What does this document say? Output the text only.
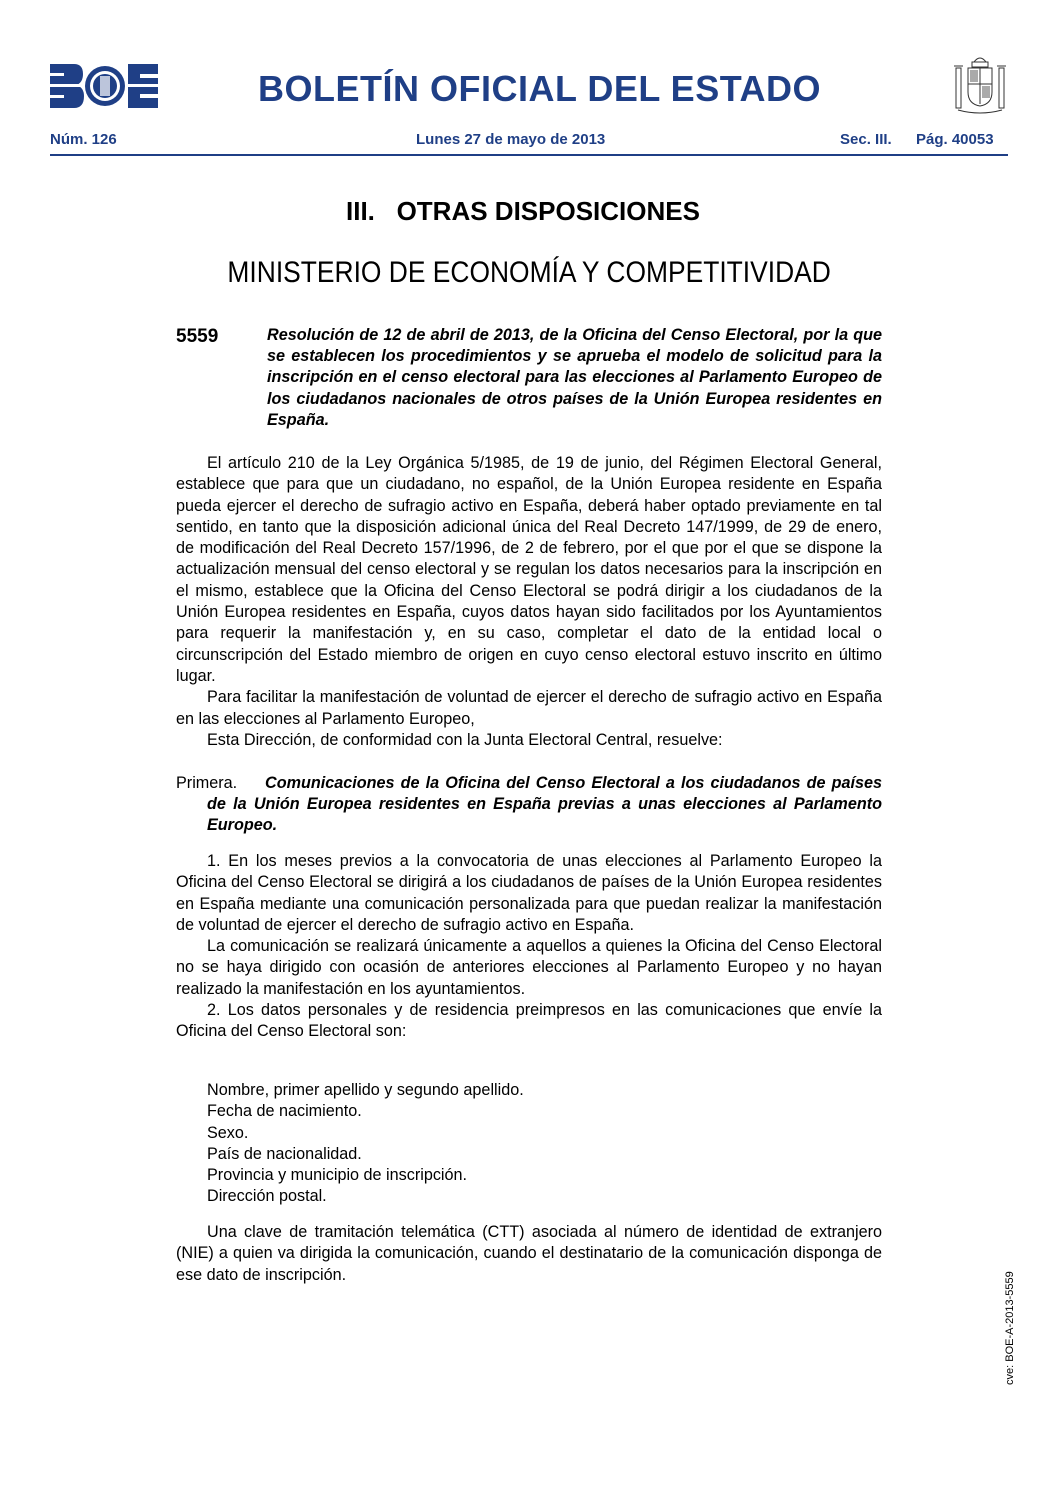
BOLETÍN OFICIAL DEL ESTADO
Núm. 126	Lunes 27 de mayo de 2013	Sec. III. Pág. 40053
III.   OTRAS DISPOSICIONES
MINISTERIO DE ECONOMÍA Y COMPETITIVIDAD
5559	Resolución de 12 de abril de 2013, de la Oficina del Censo Electoral, por la que se establecen los procedimientos y se aprueba el modelo de solicitud para la inscripción en el censo electoral para las elecciones al Parlamento Europeo de los ciudadanos nacionales de otros países de la Unión Europea residentes en España.

El artículo 210 de la Ley Orgánica 5/1985, de 19 de junio, del Régimen Electoral General, establece que para que un ciudadano, no español, de la Unión Europea residente en España pueda ejercer el derecho de sufragio activo en España, deberá haber optado previamente en tal sentido, en tanto que la disposición adicional única del Real Decreto 147/1999, de 29 de enero, de modificación del Real Decreto 157/1996, de 2 de febrero, por el que por el que se dispone la actualización mensual del censo electoral y se regulan los datos necesarios para la inscripción en el mismo, establece que la Oficina del Censo Electoral se podrá dirigir a los ciudadanos de la Unión Europea residentes en España, cuyos datos hayan sido facilitados por los Ayuntamientos para requerir la manifestación y, en su caso, completar el dato de la entidad local o circunscripción del Estado miembro de origen en cuyo censo electoral estuvo inscrito en último lugar.

Para facilitar la manifestación de voluntad de ejercer el derecho de sufragio activo en España en las elecciones al Parlamento Europeo,

Esta Dirección, de conformidad con la Junta Electoral Central, resuelve:

Primera.	Comunicaciones de la Oficina del Censo Electoral a los ciudadanos de países de la Unión Europea residentes en España previas a unas elecciones al Parlamento Europeo.

1. En los meses previos a la convocatoria de unas elecciones al Parlamento Europeo la Oficina del Censo Electoral se dirigirá a los ciudadanos de países de la Unión Europea residentes en España mediante una comunicación personalizada para que puedan realizar la manifestación de voluntad de ejercer el derecho de sufragio activo en España.

La comunicación se realizará únicamente a aquellos a quienes la Oficina del Censo Electoral no se haya dirigido con ocasión de anteriores elecciones al Parlamento Europeo y no hayan realizado la manifestación en los ayuntamientos.

2. Los datos personales y de residencia preimpresos en las comunicaciones que envíe la Oficina del Censo Electoral son:

Nombre, primer apellido y segundo apellido.
Fecha de nacimiento.
Sexo.
País de nacionalidad.
Provincia y municipio de inscripción.
Dirección postal.

Una clave de tramitación telemática (CTT) asociada al número de identidad de extranjero (NIE) a quien va dirigida la comunicación, cuando el destinatario de la comunicación disponga de ese dato de inscripción.	cve: BOE-A-2013-5559
